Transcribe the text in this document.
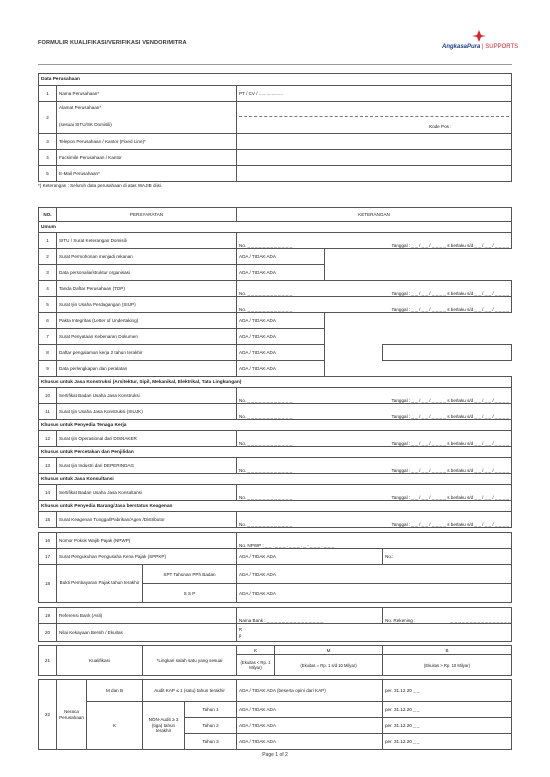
FORMULIR KUALIFIKASI/VERIFIKASI VENDOR/MITRA
AngkasaPura | SUPPORTS
Data Perusahaan		
1	Nama Perusahaan*	PT / CV / ...................
2	Alamat Perusahaan*
(sesuai SITU/SK Domisili)	Kode Pos :
3	Telepon Perusahaan / Kantor (Fixed Line)*	
4	Facsimile Perusahaan / Kantor	
5	E-Mail Perusahaan*	
*) Keterangan : Seluruh data perusahaan di atas WAJIB diisi.
NO.	PERSYARATAN				KETERANGAN			
Umum								
1	SITU / Surat Keterangan Domisili				No. _ _ _ _ _ _ _ _ _ _ _ _ Tanggal : _ _ / _ _ / _ _ _ _ s berlaku s/d _ _ / _ _ / _ _ _ _			

2	Surat Permohonan menjadi rekanan				ADA / TIDAK ADA			
3	Data personalia/struktur organisasi				ADA / TIDAK ADA			
4	Tanda Daftar Perusahaan (TDP)				No. _ _ _ _ _ _ _ _ _ _ _ _ Tanggal : _ _ / _ _ / _ _ _ _ s berlaku s/d _ _ / _ _ / _ _ _ _			

5	Surat Ijin Usaha Perdagangan (SIUP)				No. _ _ _ _ _ _ _ _ _ _ _ _ Tanggal : _ _ / _ _ / _ _ _ _ s berlaku s/d _ _ / _ _ / _ _ _ _			

6	Pakta Integritas (Letter of Undertaking)				ADA / TIDAK ADA			
7	Surat Penyataan Kebenaran Dokumen				ADA / TIDAK ADA			
8	Daftar pengalaman kerja 2 tahun terakhir				ADA / TIDAK ADA			
9	Data perlengkapan dan peralatan				ADA / TIDAK ADA			
Khusus untuk Jasa Konstruksi (Arsitektur, Sipil, Mekanikal, Elektrikal, Tata Lingkungan)								
10	Sertifikat Badan Usaha Jasa Konstruksi				No. _ _ _ _ _ _ _ _ _ _ _ _ Tanggal : _ _ / _ _ / _ _ _ _ s berlaku s/d _ _ / _ _ / _ _ _ _			

11	Surat Ijin Usaha Jasa Konstruksi (SIUJK)				No. _ _ _ _ _ _ _ _ _ _ _ _ Tanggal : _ _ / _ _ / _ _ _ _ s berlaku s/d _ _ / _ _ / _ _ _ _			

Khusus untuk Penyedia Tenaga Kerja								
12	Surat Ijin Operasional dari DISNAKER				No. _ _ _ _ _ _ _ _ _ _ _ _ Tanggal : _ _ / _ _ / _ _ _ _ s berlaku s/d _ _ / _ _ / _ _ _ _			

Khusus untuk Percetakan dan Penjilidan								
13	Surat Ijin Industri dari DEPERINDAG				No. _ _ _ _ _ _ _ _ _ _ _ _ Tanggal : _ _ / _ _ / _ _ _ _ s berlaku s/d _ _ / _ _ / _ _ _ _			

Khusus untuk Jasa Konsultansi								
14	Sertifikat Badan Usaha Jasa Konsultansi				No. _ _ _ _ _ _ _ _ _ _ _ _ Tanggal : _ _ / _ _ / _ _ _ _ s berlaku s/d _ _ / _ _ / _ _ _ _			

Khusus untuk Penyedia Barang/Jasa berstatus Keagenan								
15	Surat Keagenan Tunggal/Pabrikan/Agen /Distributor				No. _ _ _ _ _ _ _ _ _ _ _ _ Tanggal : _ _ / _ _ / _ _ _ _ s berlaku s/d _ _ / _ _ / _ _ _ _			

16	Nomor Pokok Wajib Pajak (NPWP)				No. NPWP : _ _ . _ _ _ . _ _ _ . _ - _ _ _ . _ _ _			
17	Surat Pengukuhan Pengusaha Kena Pajak (SPPKP)				ADA / TIDAK ADA			No.:
18	Bukti Pembayaran Pajak tahun terakhir		SPT Tahunan PPh Badan		ADA / TIDAK ADA			
			S S P		ADA / TIDAK ADA			

19	Referensi Bank (Asli)				Nama Bank : _ _ _ _ _ _ _ _ _ _ _ _ _ _ _			No. Rekening : _ _ _ _ _ _ _ _ _ _ _ _ _ _ _ _
20	Nilai Kekayaan Bersih / Ekuitas				R
p			

21	Kualifikasi		*Lingkari salah satu yang sesuai		K	M		B
					(Ekuitas < Rp. 1 Milyar)	(Ekuitas = Rp. 1 s/d 10 Milyar)		(Ekuitas > Rp. 10 Milyar)

22	Neraca Perusahaan	M dan B	Audit KAP ≤ 1 (satu) tahun terakhir		ADA / TIDAK ADA (beserta opini dari KAP)			per. 31.12.20 _ _
		K	NON-Audit ≥ 3 (tiga) tahun terakhir	Tahun 1	ADA / TIDAK ADA			per. 31.12.20 _ _
				Tahun 2	ADA / TIDAK ADA			per. 31.12.20 _ _
				Tahun 3	ADA / TIDAK ADA			per. 31.12.20 _ _
Page 1 of 2
